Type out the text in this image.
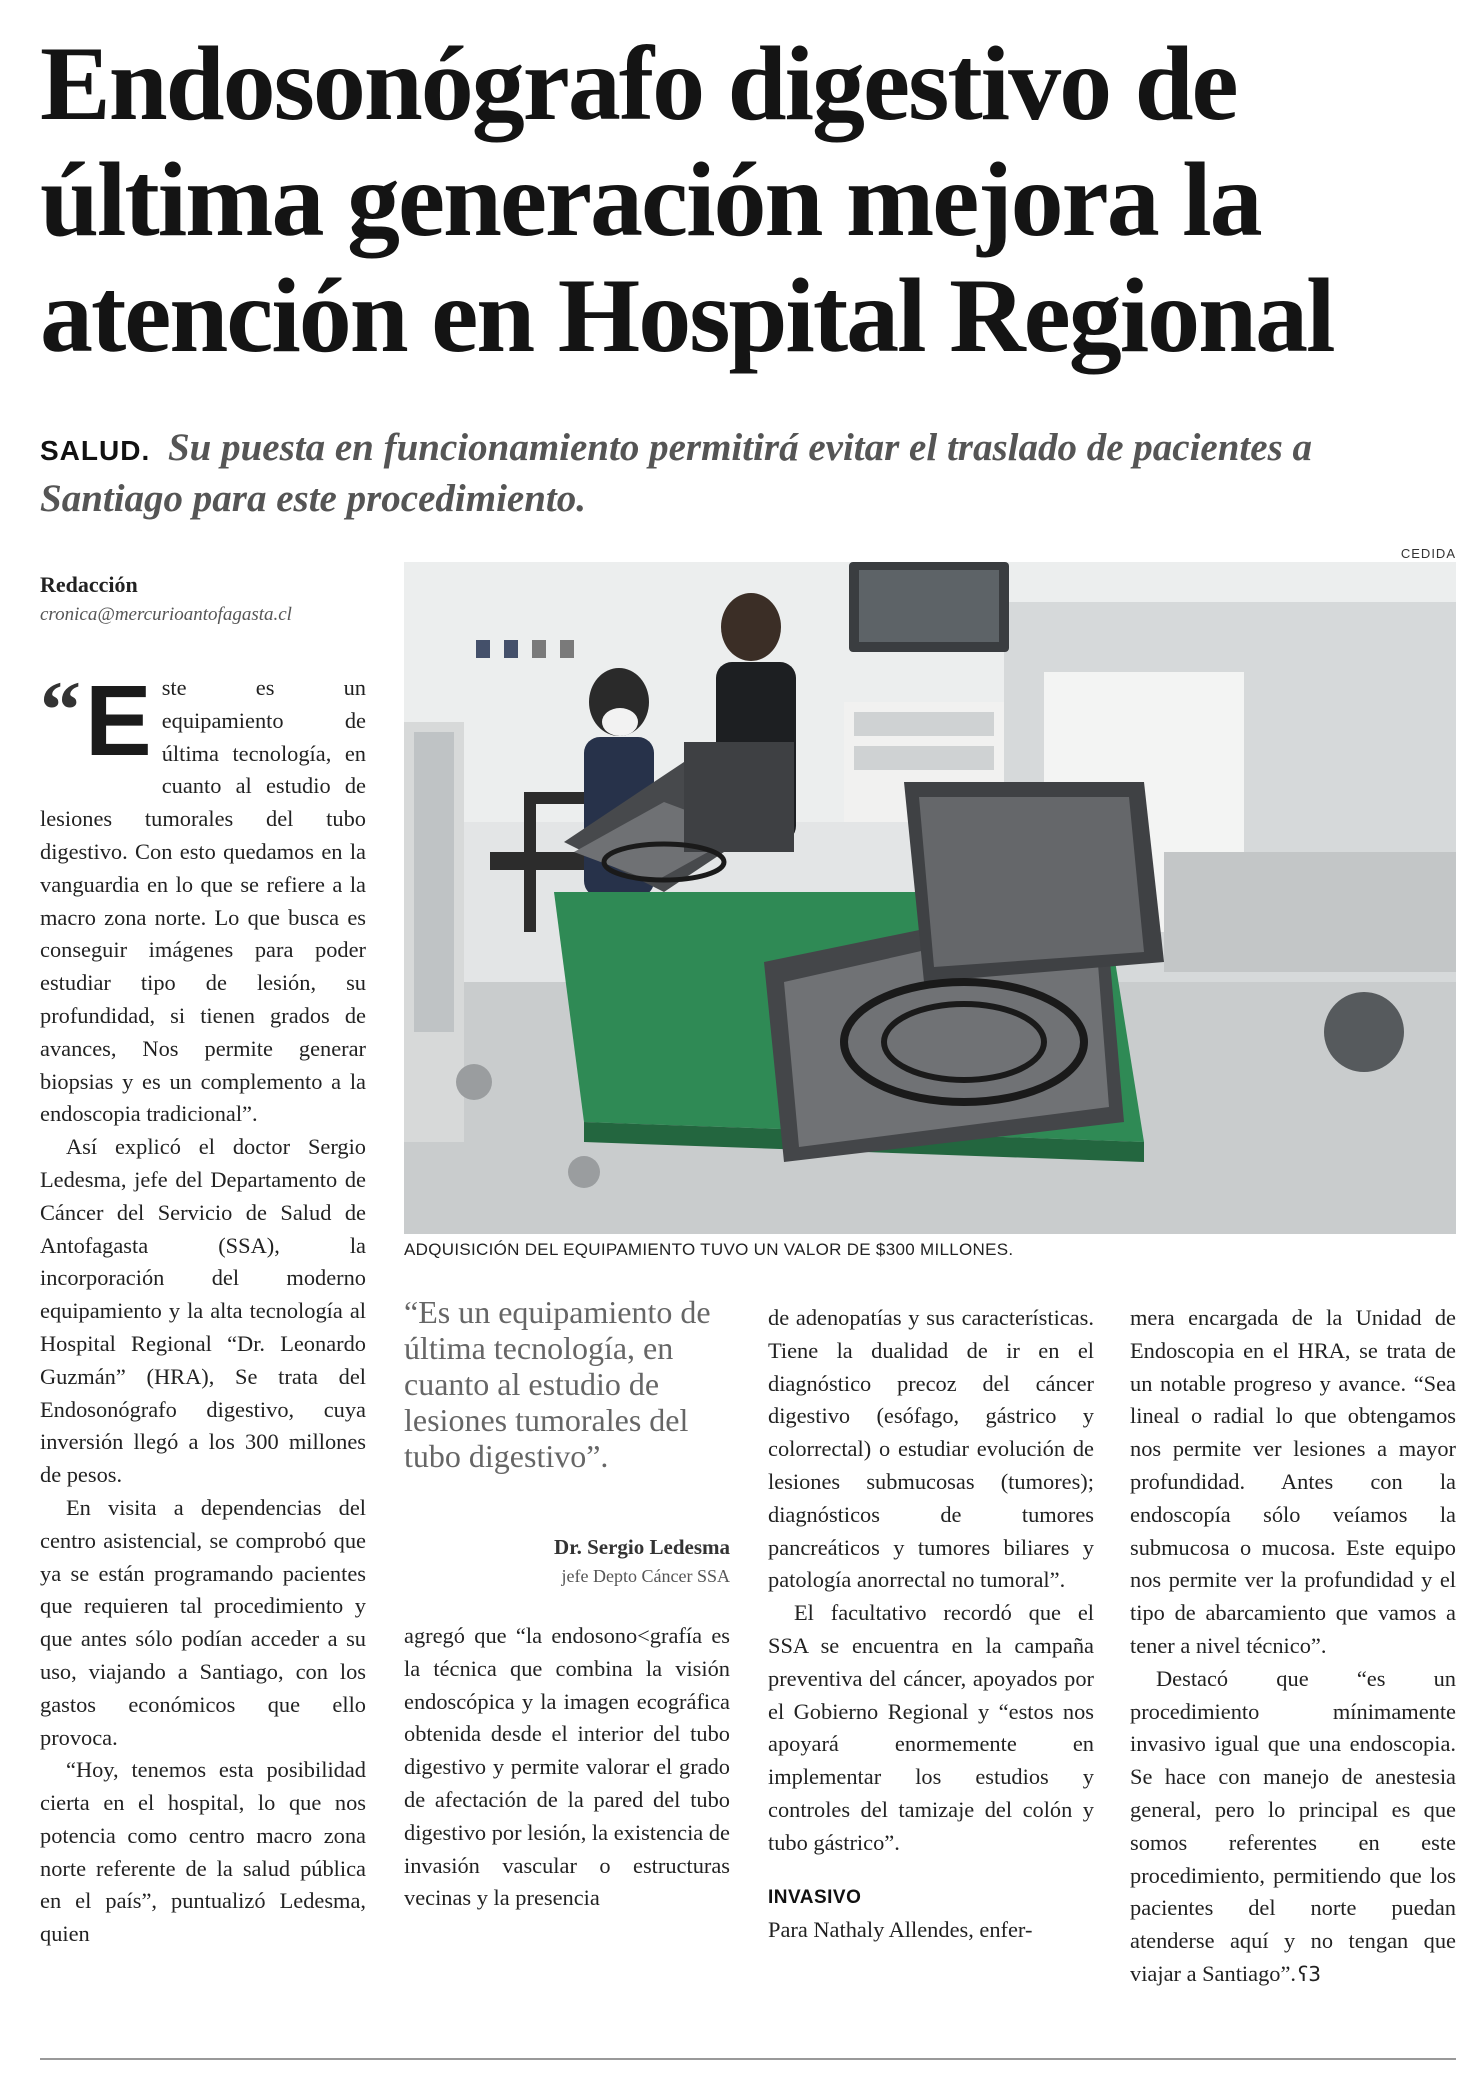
Endosonógrafo digestivo de
última generación mejora la
atención en Hospital Regional
SALUD. Su puesta en funcionamiento permitirá evitar el traslado de pacientes a Santiago para este procedimiento.
CEDIDA
Redacción
cronica@mercurioantofagasta.cl
“ E ste es un equipamiento de última tecnología, en cuanto al estudio de lesiones tumorales del tubo digestivo. Con esto quedamos en la vanguardia en lo que se refiere a la macro zona norte. Lo que busca es conseguir imágenes para poder estudiar tipo de lesión, su profundidad, si tienen grados de avances, Nos permite generar biopsias y es un complemento a la endoscopia tradicional”.

Así explicó el doctor Sergio Ledesma, jefe del Departamento de Cáncer del Servicio de Salud de Antofagasta (SSA), la incorporación del moderno equipamiento y la alta tecnología al Hospital Regional “Dr. Leonardo Guzmán” (HRA), Se trata del Endosonógrafo digestivo, cuya inversión llegó a los 300 millones de pesos.

En visita a dependencias del centro asistencial, se comprobó que ya se están programando pacientes que requieren tal procedimiento y que antes sólo podían acceder a su uso, viajando a Santiago, con los gastos económicos que ello provoca.

“Hoy, tenemos esta posibilidad cierta en el hospital, lo que nos potencia como centro macro zona norte referente de la salud pública en el país”, puntualizó Ledesma, quien

ADQUISICIÓN DEL EQUIPAMIENTO TUVO UN VALOR DE $300 MILLONES.
“Es un equipamiento de última tecnología, en cuanto al estudio de lesiones tumorales del tubo digestivo”.
Dr. Sergio Ledesma
jefe Depto Cáncer SSA

agregó que “la endosono<grafía es la técnica que combina la visión endoscópica y la imagen ecográfica obtenida desde el interior del tubo digestivo y permite valorar el grado de afectación de la pared del tubo digestivo por lesión, la existencia de invasión vascular o estructuras vecinas y la presencia

de adenopatías y sus características. Tiene la dualidad de ir en el diagnóstico precoz del cáncer digestivo (esófago, gástrico y colorrectal) o estudiar evolución de lesiones submucosas (tumores); diagnósticos de tumores pancreáticos y tumores biliares y patología anorrectal no tumoral”.

El facultativo recordó que el SSA se encuentra en la campaña preventiva del cáncer, apoyados por el Gobierno Regional y “estos nos apoyará enormemente en implementar los estudios y controles del tamizaje del colón y tubo gástrico”.

INVASIVO

Para Nathaly Allendes, enfer-

mera encargada de la Unidad de Endoscopia en el HRA, se trata de un notable progreso y avance. “Sea lineal o radial lo que obtengamos nos permite ver lesiones a mayor profundidad. Antes con la endoscopía sólo veíamos la submucosa o mucosa. Este equipo nos permite ver la profundidad y el tipo de abarcamiento que vamos a tener a nivel técnico”.

Destacó que “es un procedimiento mínimamente invasivo igual que una endoscopia. Se hace con manejo de anestesia general, pero lo principal es que somos referentes en este procedimiento, permitiendo que los pacientes del norte puedan atenderse aquí y no tengan que viajar a Santiago”. ʕ3
